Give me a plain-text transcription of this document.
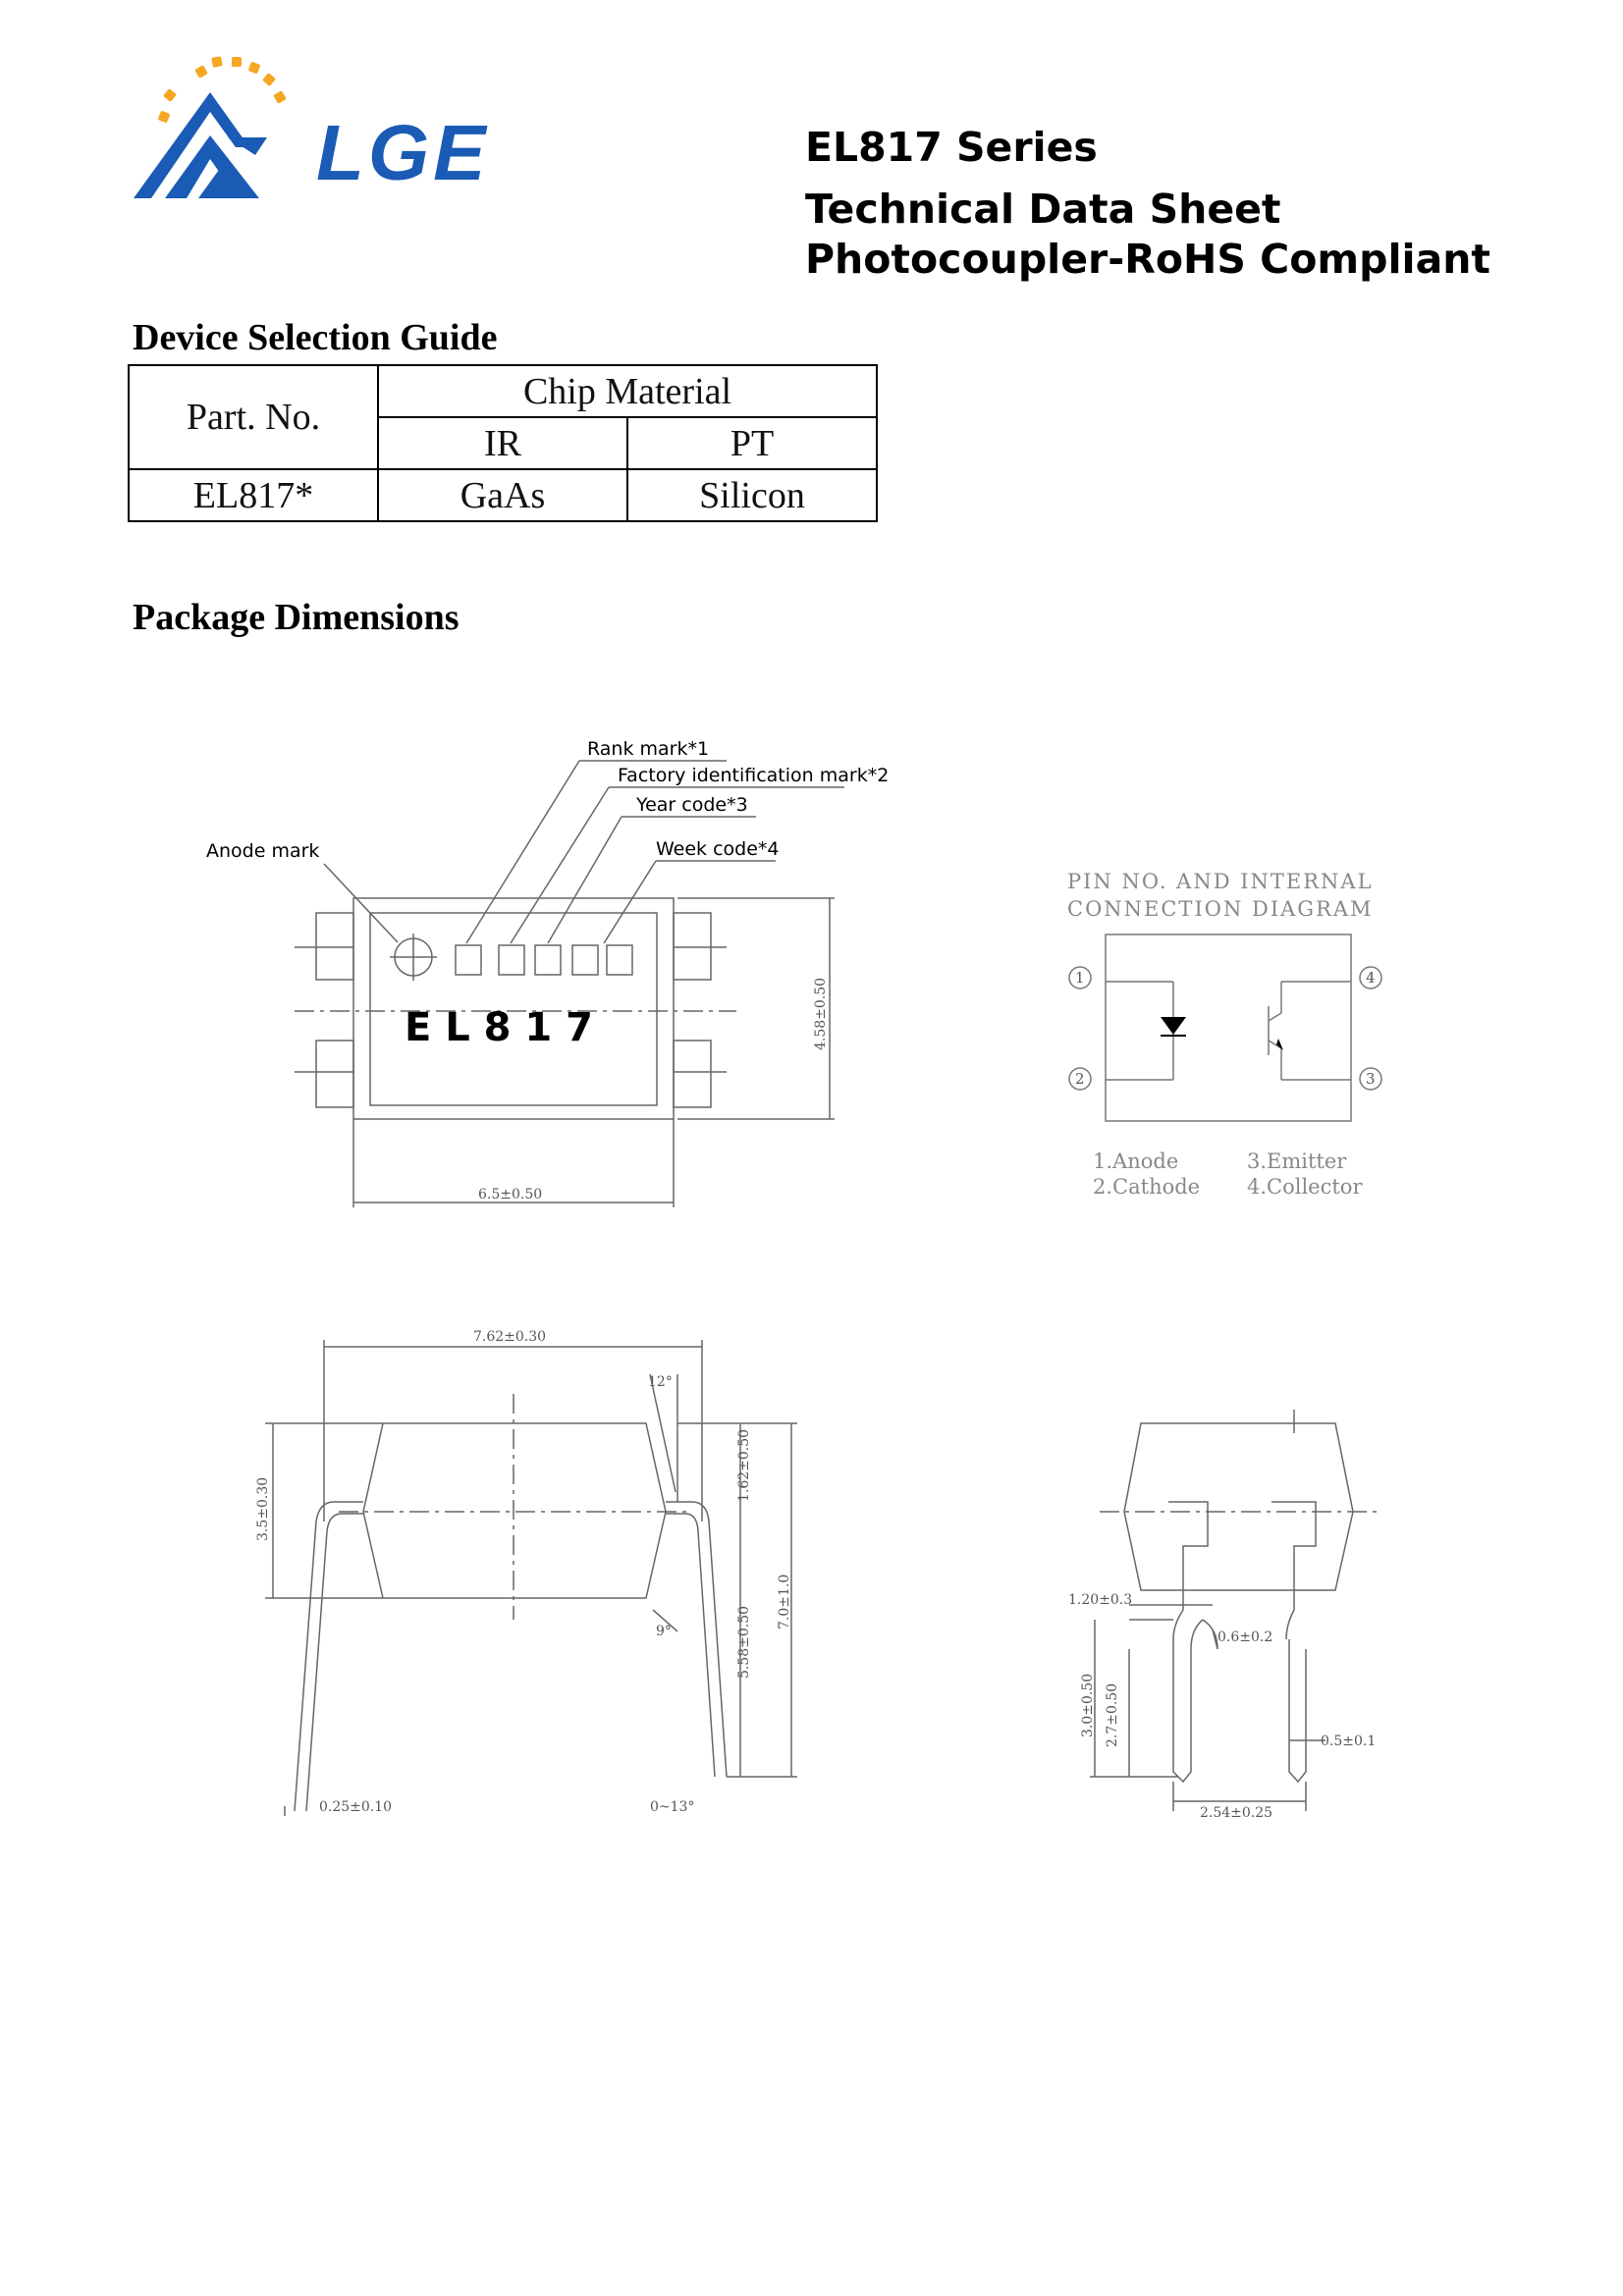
LGE	EL817 Series
Technical Data Sheet
Photocoupler-RoHS Compliant
Device Selection Guide
Part. No.	Chip Material	
	IR	PT
EL817*	GaAs	Silicon
Package Dimensions
Rank mark*1
Factory identification mark*2
Year code*3
Week code*4
Anode mark
E L 8 1 7	4.58±0.50
6.5±0.50
PIN NO. AND INTERNAL
CONNECTION DIAGRAM
1
2
4
3
1.Anode
2.Cathode
3.Emitter
4.Collector
7.62±0.30
12°
3.5±0.30
1.62±0.50
7.0±1.0
5.58±0.50
9°
0.25±0.10	0~13°
1.20±0.3
0.6±0.2
3.0±0.50 2.7±0.50	0.5±0.1
2.54±0.25
